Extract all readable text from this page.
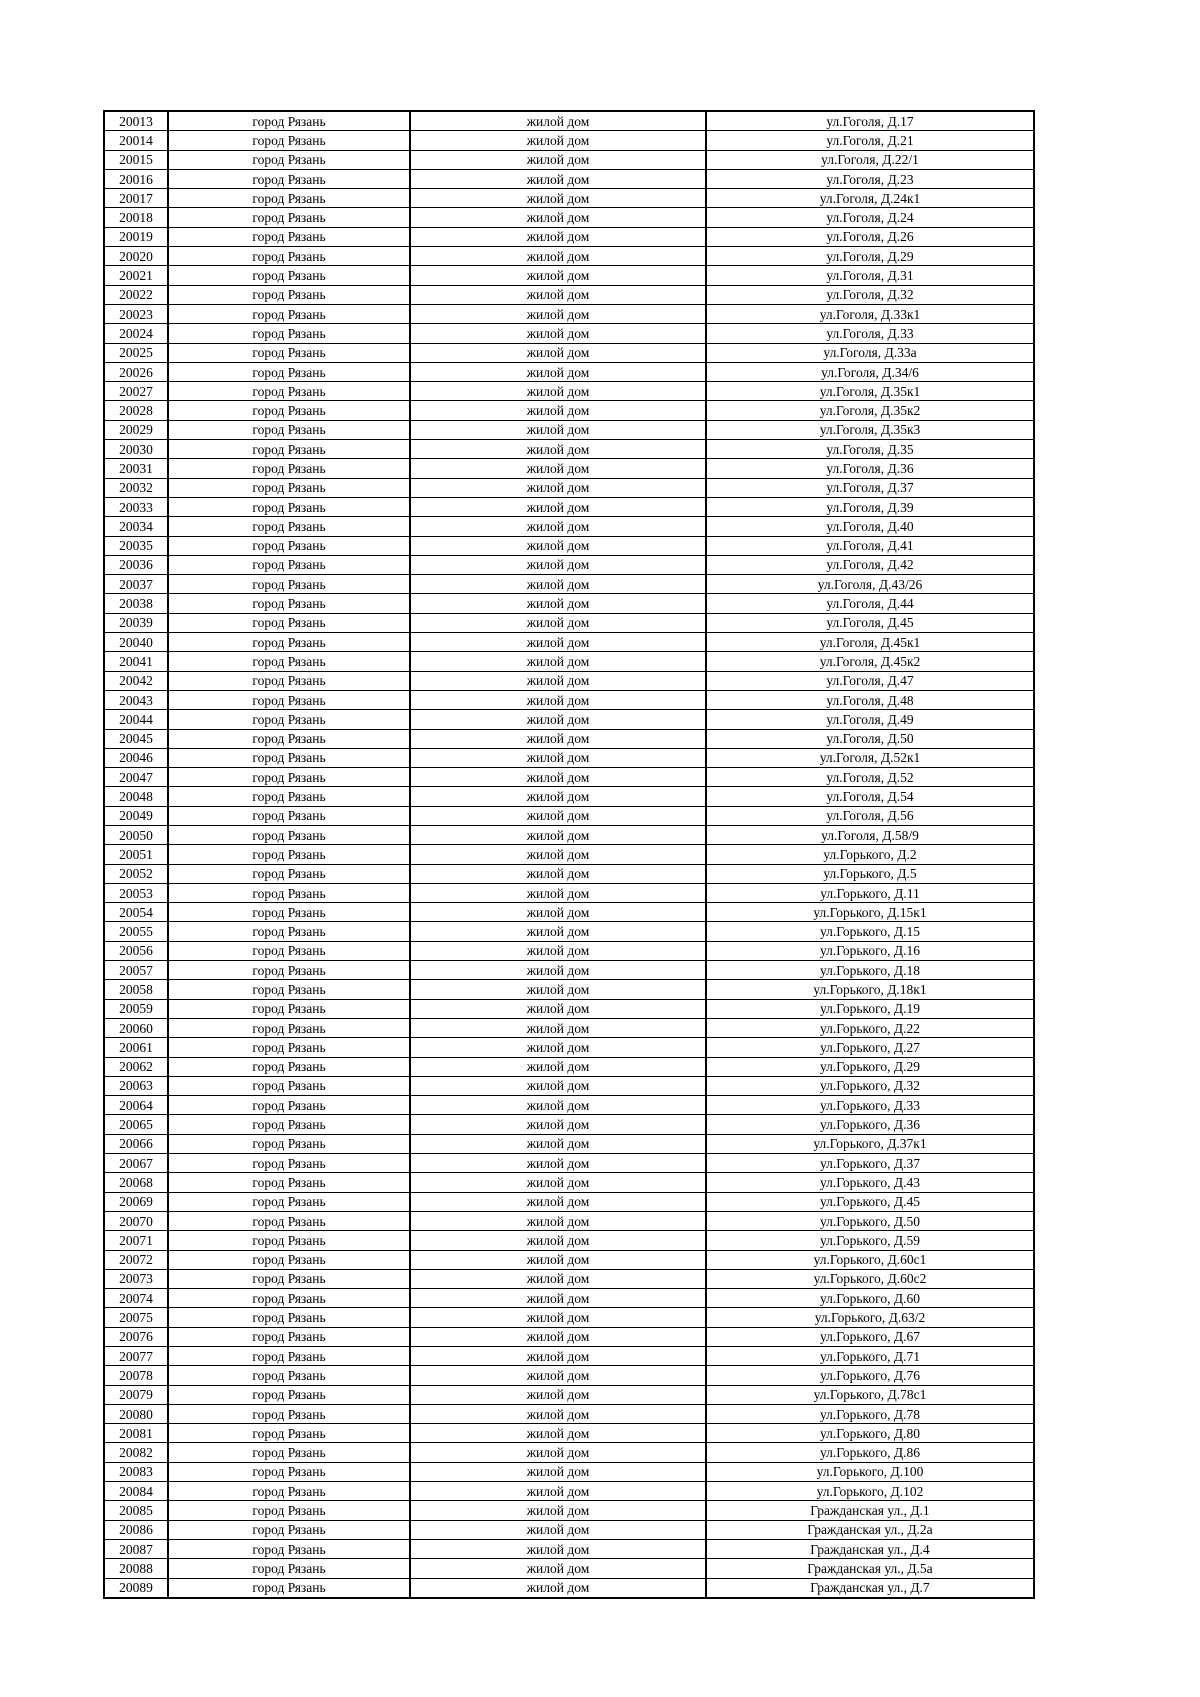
20013	город Рязань	жилой дом	ул.Гоголя, Д.17
20014	город Рязань	жилой дом	ул.Гоголя, Д.21
20015	город Рязань	жилой дом	ул.Гоголя, Д.22/1
20016	город Рязань	жилой дом	ул.Гоголя, Д.23
20017	город Рязань	жилой дом	ул.Гоголя, Д.24к1
20018	город Рязань	жилой дом	ул.Гоголя, Д.24
20019	город Рязань	жилой дом	ул.Гоголя, Д.26
20020	город Рязань	жилой дом	ул.Гоголя, Д.29
20021	город Рязань	жилой дом	ул.Гоголя, Д.31
20022	город Рязань	жилой дом	ул.Гоголя, Д.32
20023	город Рязань	жилой дом	ул.Гоголя, Д.33к1
20024	город Рязань	жилой дом	ул.Гоголя, Д.33
20025	город Рязань	жилой дом	ул.Гоголя, Д.33а
20026	город Рязань	жилой дом	ул.Гоголя, Д.34/6
20027	город Рязань	жилой дом	ул.Гоголя, Д.35к1
20028	город Рязань	жилой дом	ул.Гоголя, Д.35к2
20029	город Рязань	жилой дом	ул.Гоголя, Д.35к3
20030	город Рязань	жилой дом	ул.Гоголя, Д.35
20031	город Рязань	жилой дом	ул.Гоголя, Д.36
20032	город Рязань	жилой дом	ул.Гоголя, Д.37
20033	город Рязань	жилой дом	ул.Гоголя, Д.39
20034	город Рязань	жилой дом	ул.Гоголя, Д.40
20035	город Рязань	жилой дом	ул.Гоголя, Д.41
20036	город Рязань	жилой дом	ул.Гоголя, Д.42
20037	город Рязань	жилой дом	ул.Гоголя, Д.43/26
20038	город Рязань	жилой дом	ул.Гоголя, Д.44
20039	город Рязань	жилой дом	ул.Гоголя, Д.45
20040	город Рязань	жилой дом	ул.Гоголя, Д.45к1
20041	город Рязань	жилой дом	ул.Гоголя, Д.45к2
20042	город Рязань	жилой дом	ул.Гоголя, Д.47
20043	город Рязань	жилой дом	ул.Гоголя, Д.48
20044	город Рязань	жилой дом	ул.Гоголя, Д.49
20045	город Рязань	жилой дом	ул.Гоголя, Д.50
20046	город Рязань	жилой дом	ул.Гоголя, Д.52к1
20047	город Рязань	жилой дом	ул.Гоголя, Д.52
20048	город Рязань	жилой дом	ул.Гоголя, Д.54
20049	город Рязань	жилой дом	ул.Гоголя, Д.56
20050	город Рязань	жилой дом	ул.Гоголя, Д.58/9
20051	город Рязань	жилой дом	ул.Горького, Д.2
20052	город Рязань	жилой дом	ул.Горького, Д.5
20053	город Рязань	жилой дом	ул.Горького, Д.11
20054	город Рязань	жилой дом	ул.Горького, Д.15к1
20055	город Рязань	жилой дом	ул.Горького, Д.15
20056	город Рязань	жилой дом	ул.Горького, Д.16
20057	город Рязань	жилой дом	ул.Горького, Д.18
20058	город Рязань	жилой дом	ул.Горького, Д.18к1
20059	город Рязань	жилой дом	ул.Горького, Д.19
20060	город Рязань	жилой дом	ул.Горького, Д.22
20061	город Рязань	жилой дом	ул.Горького, Д.27
20062	город Рязань	жилой дом	ул.Горького, Д.29
20063	город Рязань	жилой дом	ул.Горького, Д.32
20064	город Рязань	жилой дом	ул.Горького, Д.33
20065	город Рязань	жилой дом	ул.Горького, Д.36
20066	город Рязань	жилой дом	ул.Горького, Д.37к1
20067	город Рязань	жилой дом	ул.Горького, Д.37
20068	город Рязань	жилой дом	ул.Горького, Д.43
20069	город Рязань	жилой дом	ул.Горького, Д.45
20070	город Рязань	жилой дом	ул.Горького, Д.50
20071	город Рязань	жилой дом	ул.Горького, Д.59
20072	город Рязань	жилой дом	ул.Горького, Д.60с1
20073	город Рязань	жилой дом	ул.Горького, Д.60с2
20074	город Рязань	жилой дом	ул.Горького, Д.60
20075	город Рязань	жилой дом	ул.Горького, Д.63/2
20076	город Рязань	жилой дом	ул.Горького, Д.67
20077	город Рязань	жилой дом	ул.Горького, Д.71
20078	город Рязань	жилой дом	ул.Горького, Д.76
20079	город Рязань	жилой дом	ул.Горького, Д.78с1
20080	город Рязань	жилой дом	ул.Горького, Д.78
20081	город Рязань	жилой дом	ул.Горького, Д.80
20082	город Рязань	жилой дом	ул.Горького, Д.86
20083	город Рязань	жилой дом	ул.Горького, Д.100
20084	город Рязань	жилой дом	ул.Горького, Д.102
20085	город Рязань	жилой дом	Гражданская ул., Д.1
20086	город Рязань	жилой дом	Гражданская ул., Д.2а
20087	город Рязань	жилой дом	Гражданская ул., Д.4
20088	город Рязань	жилой дом	Гражданская ул., Д.5а
20089	город Рязань	жилой дом	Гражданская ул., Д.7
